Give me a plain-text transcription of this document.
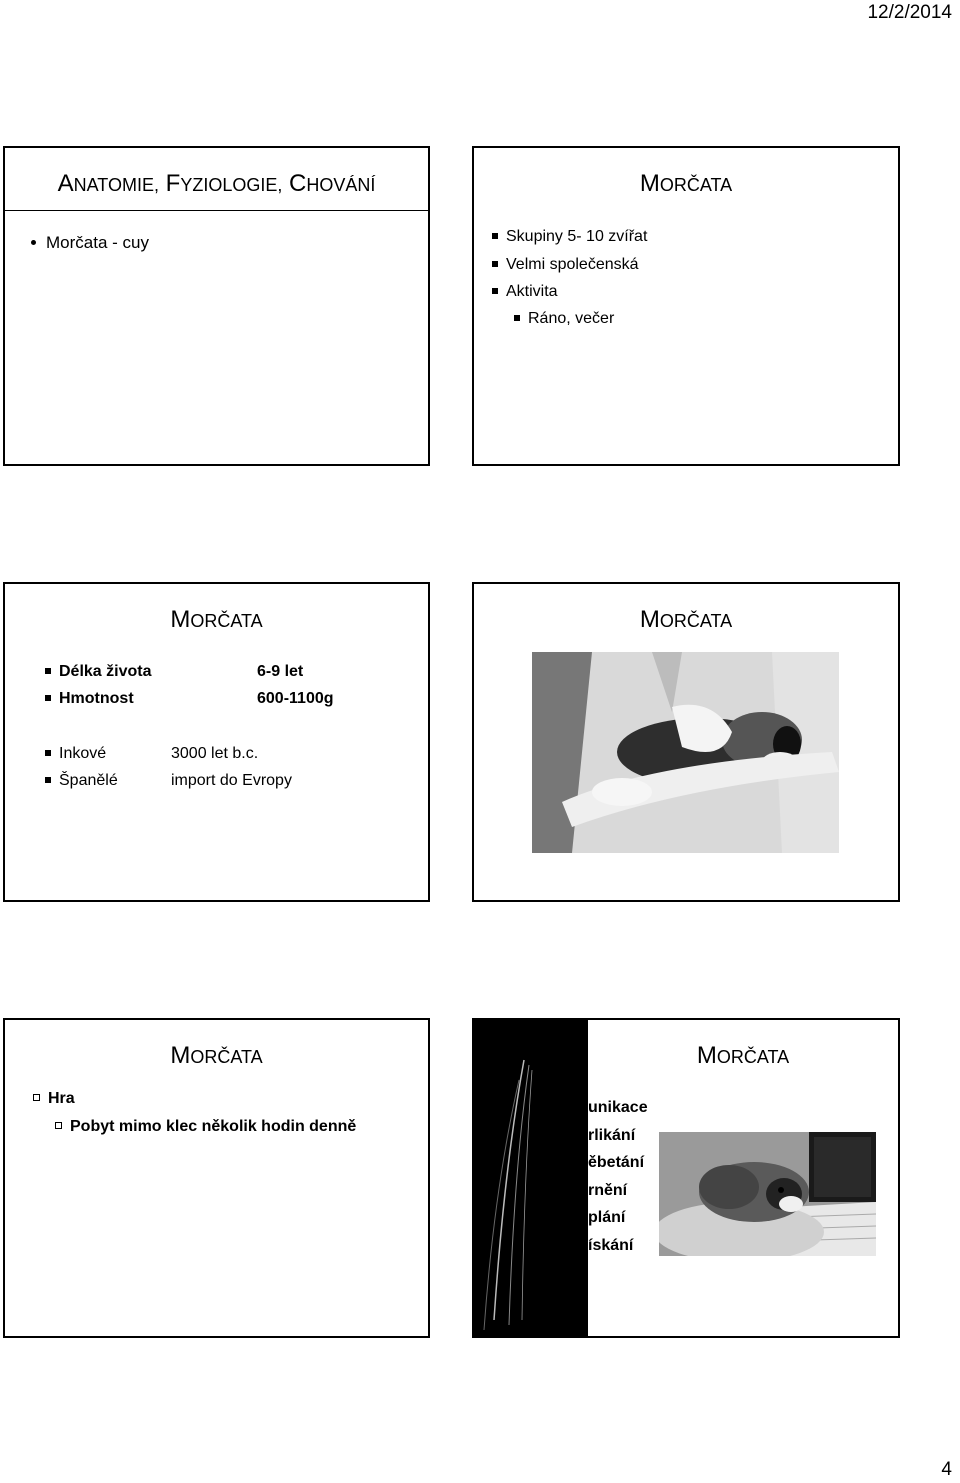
12/2/2014
ANATOMIE, FYZIOLOGIE, CHOVÁNÍ
Morčata - cuy
MORČATA
Skupiny 5- 10 zvířat
Velmi společenská
Aktivita
Ráno, večer
MORČATA
Délka života	6-9 let
Hmotnost	600-1100g
Inkové	3000 let b.c.
Španělé	import do Evropy
MORČATA
MORČATA
Hra
Pobyt mimo klec několik hodin denně
MORČATA
unikace
rlikání
ěbetání
rnění
plání
ískání
4
